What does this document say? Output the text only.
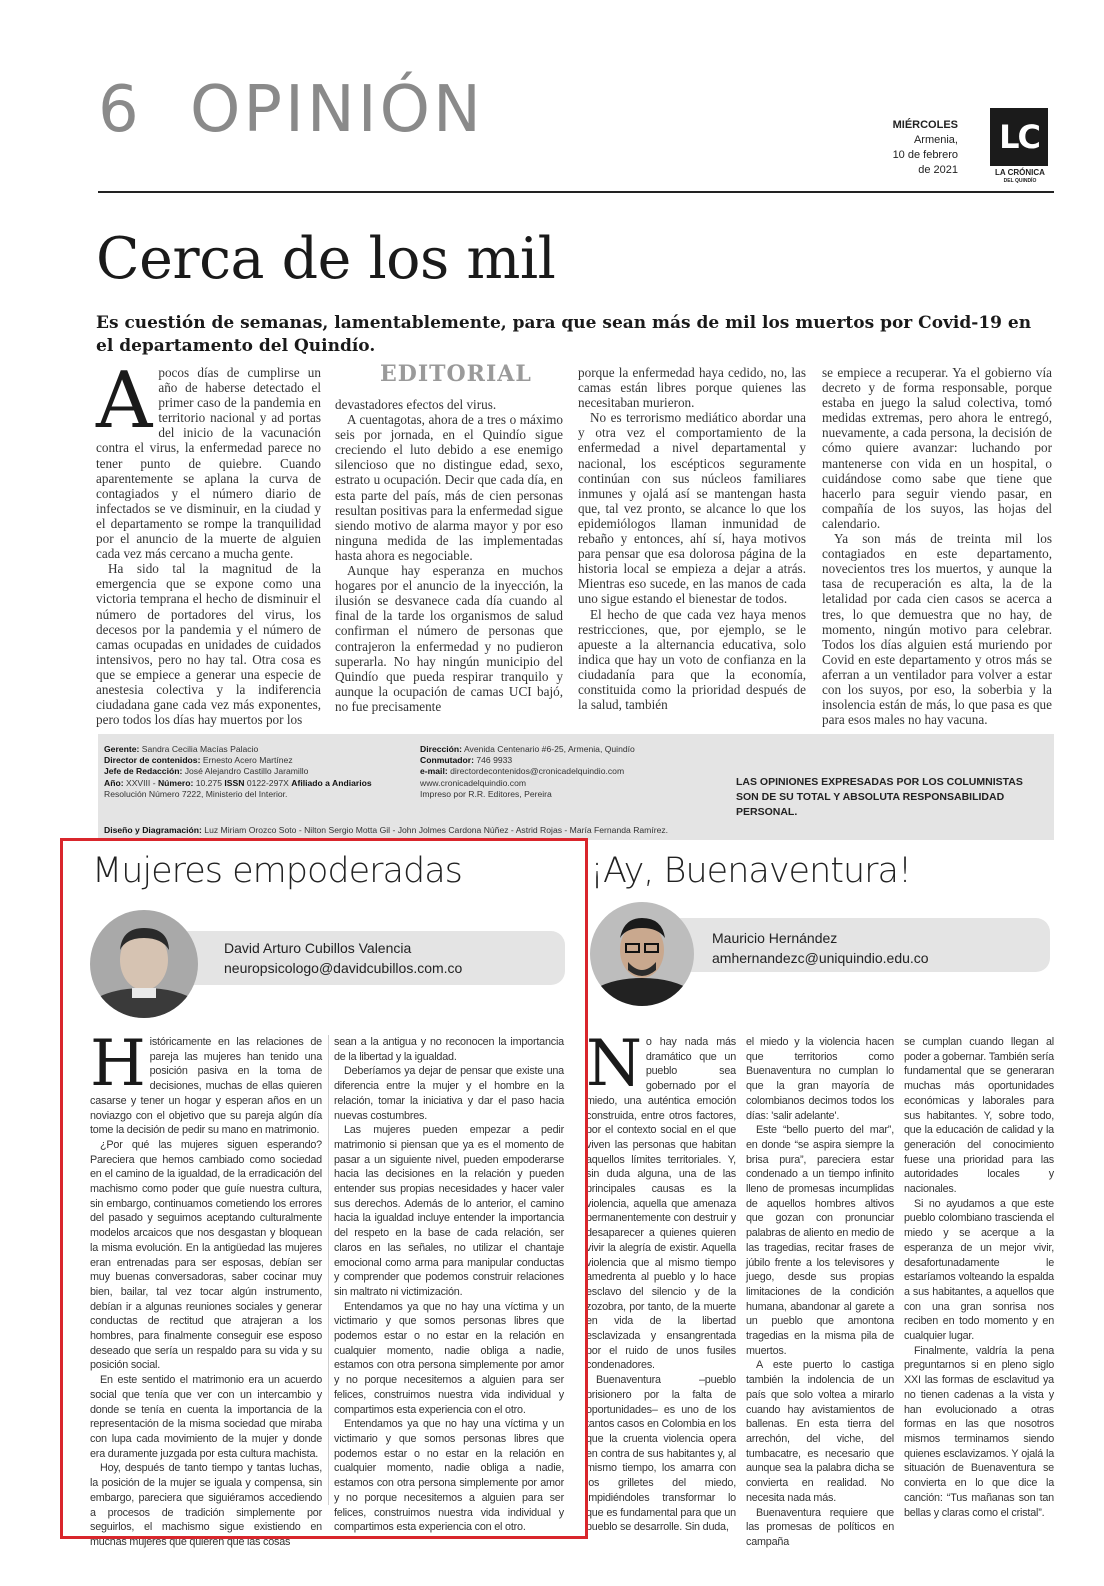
6 OPINIÓN	MIÉRCOLES
Armenia,
10 de febrero
de 2021
LC
LA CRÓNICA
DEL QUINDÍO
Cerca de los mil
Es cuestión de semanas, lamentablemente, para que sean más de mil los muertos por Covid-19 en el departamento del Quindío.
A pocos días de cumplirse un año de haberse detectado el primer caso de la pandemia en territorio nacional y ad portas del inicio de la vacunación contra el virus, la enfermedad parece no tener punto de quiebre. Cuando aparentemente se aplana la curva de contagiados y el número diario de infectados se ve disminuir, en la ciudad y el departamento se rompe la tranquilidad por el anuncio de la muerte de alguien cada vez más cercano a mucha gente.

Ha sido tal la magnitud de la emergencia que se expone como una victoria temprana el hecho de disminuir el número de portadores del virus, los decesos por la pandemia y el número de camas ocupadas en unidades de cuidados intensivos, pero no hay tal. Otra cosa es que se empiece a generar una especie de anestesia colectiva y la indiferencia ciudadana gane cada vez más exponentes, pero todos los días hay muertos por los

EDITORIAL

devastadores efectos del virus.

A cuentagotas, ahora de a tres o máximo seis por jornada, en el Quindío sigue creciendo el luto debido a ese enemigo silencioso que no distingue edad, sexo, estrato u ocupación. Decir que cada día, en esta parte del país, más de cien personas resultan positivas para la enfermedad sigue siendo motivo de alarma mayor y por eso ninguna medida de las implementadas hasta ahora es negociable.

Aunque hay esperanza en muchos hogares por el anuncio de la inyección, la ilusión se desvanece cada día cuando al final de la tarde los organismos de salud confirman el número de personas que contrajeron la enfermedad y no pudieron superarla. No hay ningún municipio del Quindío que pueda respirar tranquilo y aunque la ocupación de camas UCI bajó, no fue precisamente

porque la enfermedad haya cedido, no, las camas están libres porque quienes las necesitaban murieron.

No es terrorismo mediático abordar una y otra vez el comportamiento de la enfermedad a nivel departamental y nacional, los escépticos seguramente continúan con sus núcleos familiares inmunes y ojalá así se mantengan hasta que, tal vez pronto, se alcance lo que los epidemiólogos llaman inmunidad de rebaño y entonces, ahí sí, haya motivos para pensar que esa dolorosa página de la historia local se empieza a dejar a atrás. Mientras eso sucede, en las manos de cada uno sigue estando el bienestar de todos.

El hecho de que cada vez haya menos restricciones, que, por ejemplo, se le apueste a la alternancia educativa, solo indica que hay un voto de confianza en la ciudadanía para que la economía, constituida como la prioridad después de la salud, también

se empiece a recuperar. Ya el gobierno vía decreto y de forma responsable, porque estaba en juego la salud colectiva, tomó medidas extremas, pero ahora le entregó, nuevamente, a cada persona, la decisión de cómo quiere avanzar: luchando por mantenerse con vida en un hospital, o cuidándose como sabe que tiene que hacerlo para seguir viendo pasar, en compañía de los suyos, las hojas del calendario.

Ya son más de treinta mil los contagiados en este departamento, novecientos tres los muertos, y aunque la tasa de recuperación es alta, la de la letalidad por cada cien casos se acerca a tres, lo que demuestra que no hay, de momento, ningún motivo para celebrar. Todos los días alguien está muriendo por Covid en este departamento y otros más se aferran a un ventilador para volver a estar con los suyos, por eso, la soberbia y la insolencia están de más, lo que pasa es que para esos males no hay vacuna.

Gerente: Sandra Cecilia Macías Palacio
Director de contenidos: Ernesto Acero Martínez
Jefe de Redacción: José Alejandro Castillo Jaramillo
Año: XXVIII - Número: 10.275 ISSN 0122-297X Afiliado a Andiarios
Resolución Número 7222, Ministerio del Interior.
Dirección: Avenida Centenario #6-25, Armenia, Quindío
Conmutador: 746 9933
e-mail: directordecontenidos@cronicadelquindio.com
www.cronicadelquindio.com
Impreso por R.R. Editores, Pereira
LAS OPINIONES EXPRESADAS POR LOS COLUMNISTAS SON DE SU TOTAL Y ABSOLUTA RESPONSABILIDAD PERSONAL.
Diseño y Diagramación: Luz Miriam Orozco Soto - Nilton Sergio Motta Gil - John Jolmes Cardona Núñez - Astrid Rojas - María Fernanda Ramírez.
Mujeres empoderadas
David Arturo Cubillos Valencia
neuropsicologo@davidcubillos.com.co
H istóricamente en las relaciones de pareja las mujeres han tenido una posición pasiva en la toma de decisiones, muchas de ellas quieren casarse y tener un hogar y esperan años en un noviazgo con el objetivo que su pareja algún día tome la decisión de pedir su mano en matrimonio.

¿Por qué las mujeres siguen esperando? Pareciera que hemos cambiado como sociedad en el camino de la igualdad, de la erradicación del machismo como poder que guíe nuestra cultura, sin embargo, continuamos cometiendo los errores del pasado y seguimos aceptando culturalmente modelos arcaicos que nos desgastan y bloquean la misma evolución. En la antigüedad las mujeres eran entrenadas para ser esposas, debían ser muy buenas conversadoras, saber cocinar muy bien, bailar, tal vez tocar algún instrumento, debían ir a algunas reuniones sociales y generar conductas de rectitud que atrajeran a los hombres, para finalmente conseguir ese esposo deseado que sería un respaldo para su vida y su posición social.

En este sentido el matrimonio era un acuerdo social que tenía que ver con un intercambio y donde se tenía en cuenta la importancia de la representación de la misma sociedad que miraba con lupa cada movimiento de la mujer y donde era duramente juzgada por esta cultura machista.

Hoy, después de tanto tiempo y tantas luchas, la posición de la mujer se iguala y compensa, sin embargo, pareciera que siguiéramos accediendo a procesos de tradición simplemente por seguirlos, el machismo sigue existiendo en muchas mujeres que quieren que las cosas

sean a la antigua y no reconocen la importancia de la libertad y la igualdad.

Deberíamos ya dejar de pensar que existe una diferencia entre la mujer y el hombre en la relación, tomar la iniciativa y dar el paso hacia nuevas costumbres.

Las mujeres pueden empezar a pedir matrimonio si piensan que ya es el momento de pasar a un siguiente nivel, pueden empoderarse hacia las decisiones en la relación y pueden entender sus propias necesidades y hacer valer sus derechos. Además de lo anterior, el camino hacia la igualdad incluye entender la importancia del respeto en la base de cada relación, ser claros en las señales, no utilizar el chantaje emocional como arma para manipular conductas y comprender que podemos construir relaciones sin maltrato ni victimización.

Entendamos ya que no hay una víctima y un victimario y que somos personas libres que podemos estar o no estar en la relación en cualquier momento, nadie obliga a nadie, estamos con otra persona simplemente por amor y no porque necesitemos a alguien para ser felices, construimos nuestra vida individual y compartimos esta experiencia con el otro.

Entendamos ya que no hay una víctima y un victimario y que somos personas libres que podemos estar o no estar en la relación en cualquier momento, nadie obliga a nadie, estamos con otra persona simplemente por amor y no porque necesitemos a alguien para ser felices, construimos nuestra vida individual y compartimos esta experiencia con el otro.

¡Ay, Buenaventura!
Mauricio Hernández
amhernandezc@uniquindio.edu.co
N o hay nada más dramático que un pueblo sea gobernado por el miedo, una auténtica emoción construida, entre otros factores, por el contexto social en el que viven las personas que habitan aquellos límites territoriales. Y, sin duda alguna, una de las principales causas es la violencia, aquella que amenaza permanentemente con destruir y desaparecer a quienes quieren vivir la alegría de existir. Aquella violencia que al mismo tiempo amedrenta al pueblo y lo hace esclavo del silencio y de la zozobra, por tanto, de la muerte en vida de la libertad esclavizada y ensangrentada por el ruido de unos fusiles condenadores.

Buenaventura –pueblo prisionero por la falta de oportunidades– es uno de los tantos casos en Colombia en los que la cruenta violencia opera en contra de sus habitantes y, al mismo tiempo, los amarra con los grilletes del miedo, impidiéndoles transformar lo que es fundamental para que un pueblo se desarrolle. Sin duda,

el miedo y la violencia hacen que territorios como Buenaventura no cumplan lo que la gran mayoría de colombianos decimos todos los días: 'salir adelante'.

Este “bello puerto del mar”, en donde “se aspira siempre la brisa pura”, pareciera estar condenado a un tiempo infinito lleno de promesas incumplidas de aquellos hombres altivos que gozan con pronunciar palabras de aliento en medio de las tragedias, recitar frases de júbilo frente a los televisores y juego, desde sus propias limitaciones de la condición humana, abandonar al garete a un pueblo que amontona tragedias en la misma pila de muertos.

A este puerto lo castiga también la indolencia de un país que solo voltea a mirarlo cuando hay avistamientos de ballenas. En esta tierra del arrechón, del viche, del tumbacatre, es necesario que aunque sea la palabra dicha se convierta en realidad. No necesita nada más.

Buenaventura requiere que las promesas de políticos en campaña

se cumplan cuando llegan al poder a gobernar. También sería fundamental que se generaran muchas más oportunidades económicas y laborales para sus habitantes. Y, sobre todo, que la educación de calidad y la generación del conocimiento fuese una prioridad para las autoridades locales y nacionales.

Si no ayudamos a que este pueblo colombiano trascienda el miedo y se acerque a la esperanza de un mejor vivir, desafortunadamente le estaríamos volteando la espalda a sus habitantes, a aquellos que con una gran sonrisa nos reciben en todo momento y en cualquier lugar.

Finalmente, valdría la pena preguntarnos si en pleno siglo XXI las formas de esclavitud ya no tienen cadenas a la vista y han evolucionado a otras formas en las que nosotros mismos terminamos siendo quienes esclavizamos. Y ojalá la situación de Buenaventura se convierta en lo que dice la canción: “Tus mañanas son tan bellas y claras como el cristal”.
